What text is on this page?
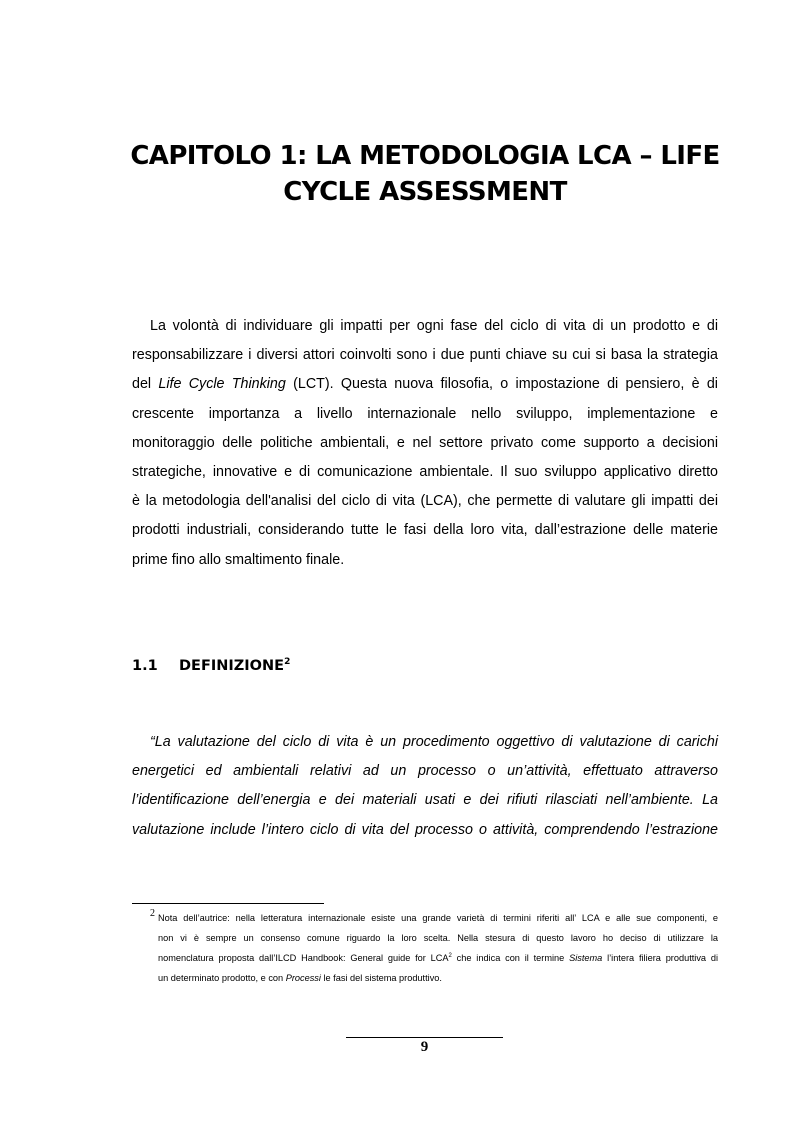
CAPITOLO 1: LA METODOLOGIA LCA – LIFE
CYCLE ASSESSMENT

La volontà di individuare gli impatti per ogni fase del ciclo di vita di un prodotto e di
responsabilizzare i diversi attori coinvolti sono i due punti chiave su cui si basa la strategia
del Life Cycle Thinking (LCT). Questa nuova filosofia, o impostazione di pensiero, è di
crescente importanza a livello internazionale nello sviluppo, implementazione e
monitoraggio delle politiche ambientali, e nel settore privato come supporto a decisioni
strategiche, innovative e di comunicazione ambientale. Il suo sviluppo applicativo diretto
è la metodologia dell'analisi del ciclo di vita (LCA), che permette di valutare gli impatti dei
prodotti industriali, considerando tutte le fasi della loro vita, dall’estrazione delle materie
prime fino allo smaltimento finale.

1.1 DEFINIZIONE$^2$

“La valutazione del ciclo di vita è un procedimento oggettivo di valutazione di carichi
energetici ed ambientali relativi ad un processo o un’attività, effettuato attraverso
l’identificazione dell’energia e dei materiali usati e dei rifiuti rilasciati nell’ambiente. La
valutazione include l’intero ciclo di vita del processo o attività, comprendendo l’estrazione

2 Nota dell’autrice: nella letteratura internazionale esiste una grande varietà di termini riferiti all’ LCA e alle sue componenti, e
non vi è sempre un consenso comune riguardo la loro scelta. Nella stesura di questo lavoro ho deciso di utilizzare la
nomenclatura proposta dall’ILCD Handbook: General guide for LCA$^2$ che indica con il termine Sistema l’intera filiera produttiva di
un determinato prodotto, e con Processi le fasi del sistema produttivo.

9
